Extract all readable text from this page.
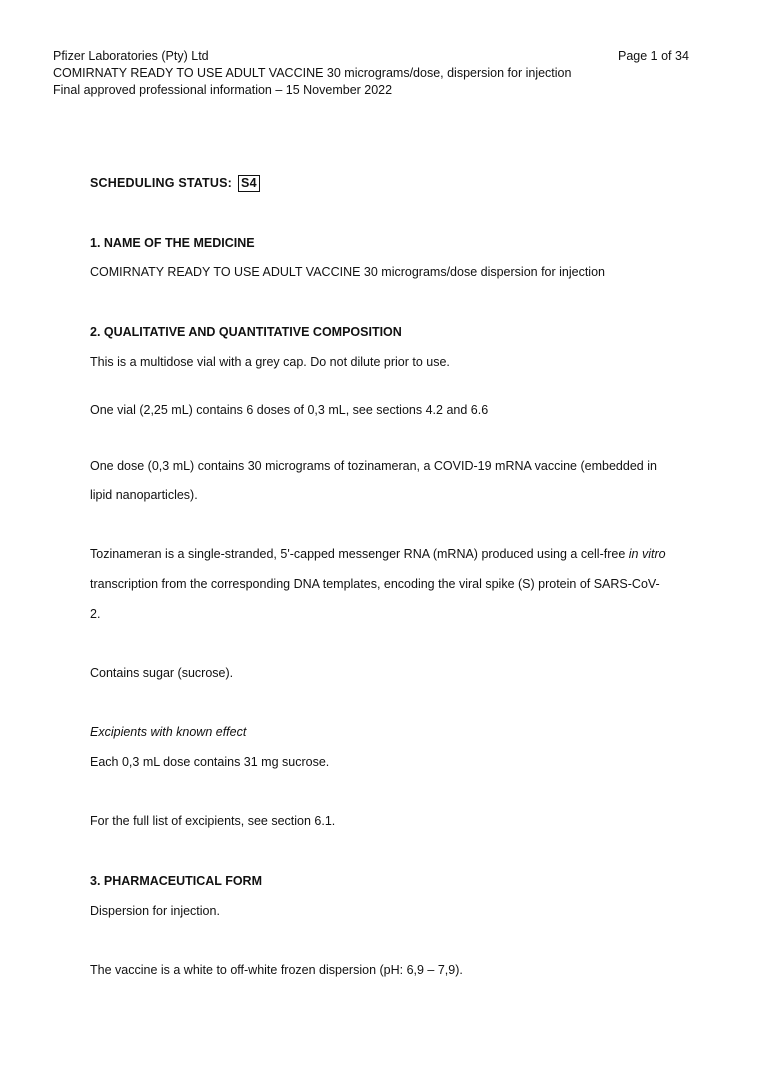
Pfizer Laboratories (Pty) Ltd
COMIRNATY READY TO USE ADULT VACCINE 30 micrograms/dose, dispersion for injection
Final approved professional information – 15 November 2022
Page 1 of 34
SCHEDULING STATUS: S4
1. NAME OF THE MEDICINE
COMIRNATY READY TO USE ADULT VACCINE 30 micrograms/dose dispersion for injection
2. QUALITATIVE AND QUANTITATIVE COMPOSITION
This is a multidose vial with a grey cap. Do not dilute prior to use.
One vial (2,25 mL) contains 6 doses of 0,3 mL, see sections 4.2 and 6.6
One dose (0,3 mL) contains 30 micrograms of tozinameran, a COVID-19 mRNA vaccine (embedded in
lipid nanoparticles).
Tozinameran is a single-stranded, 5'-capped messenger RNA (mRNA) produced using a cell-free in vitro
transcription from the corresponding DNA templates, encoding the viral spike (S) protein of SARS-CoV-
2.
Contains sugar (sucrose).
Excipients with known effect
Each 0,3 mL dose contains 31 mg sucrose.
For the full list of excipients, see section 6.1.
3. PHARMACEUTICAL FORM
Dispersion for injection.
The vaccine is a white to off-white frozen dispersion (pH: 6,9 – 7,9).
